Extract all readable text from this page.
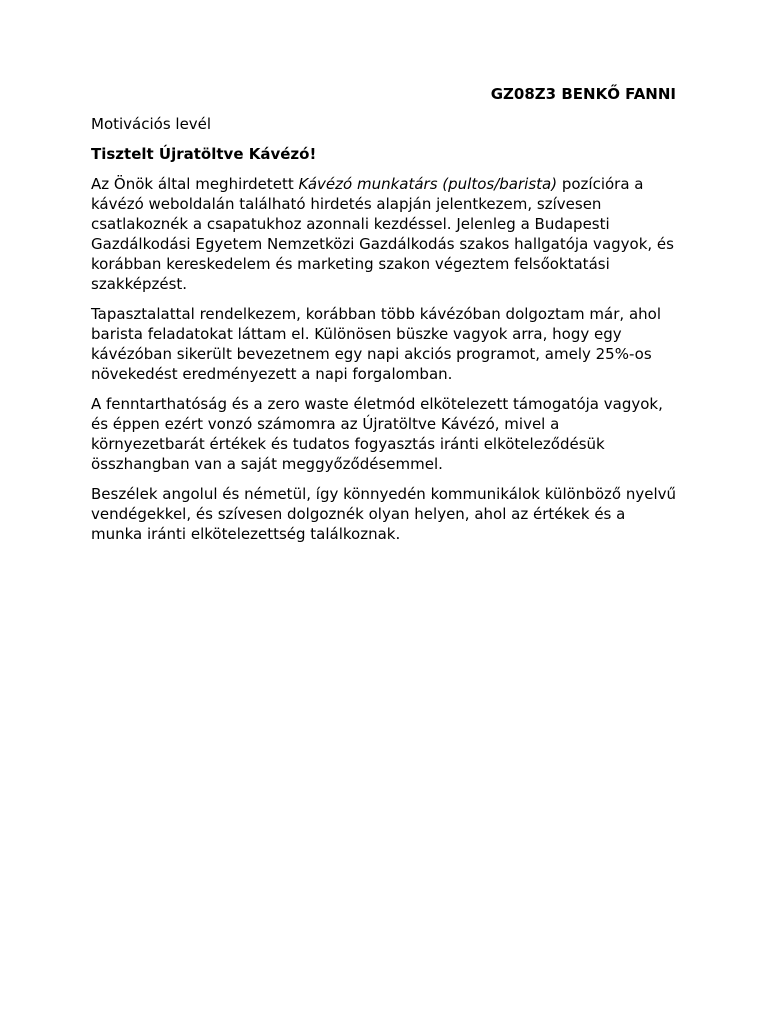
GZ08Z3 BENKŐ FANNI

Motivációs levél

Tisztelt Újratöltve Kávézó!

Az Önök által meghirdetett Kávézó munkatárs (pultos/barista) pozícióra a kávézó weboldalán található hirdetés alapján jelentkezem, szívesen csatlakoznék a csapatukhoz azonnali kezdéssel. Jelenleg a Budapesti Gazdálkodási Egyetem Nemzetközi Gazdálkodás szakos hallgatója vagyok, és korábban kereskedelem és marketing szakon végeztem felsőoktatási szakképzést.

Tapasztalattal rendelkezem, korábban több kávézóban dolgoztam már, ahol barista feladatokat láttam el. Különösen büszke vagyok arra, hogy egy kávézóban sikerült bevezetnem egy napi akciós programot, amely 25%-os növekedést eredményezett a napi forgalomban.

A fenntarthatóság és a zero waste életmód elkötelezett támogatója vagyok, és éppen ezért vonzó számomra az Újratöltve Kávézó, mivel a környezetbarát értékek és tudatos fogyasztás iránti elköteleződésük összhangban van a saját meggyőződésemmel.

Beszélek angolul és németül, így könnyedén kommunikálok különböző nyelvű vendégekkel, és szívesen dolgoznék olyan helyen, ahol az értékek és a munka iránti elkötelezettség találkoznak.
